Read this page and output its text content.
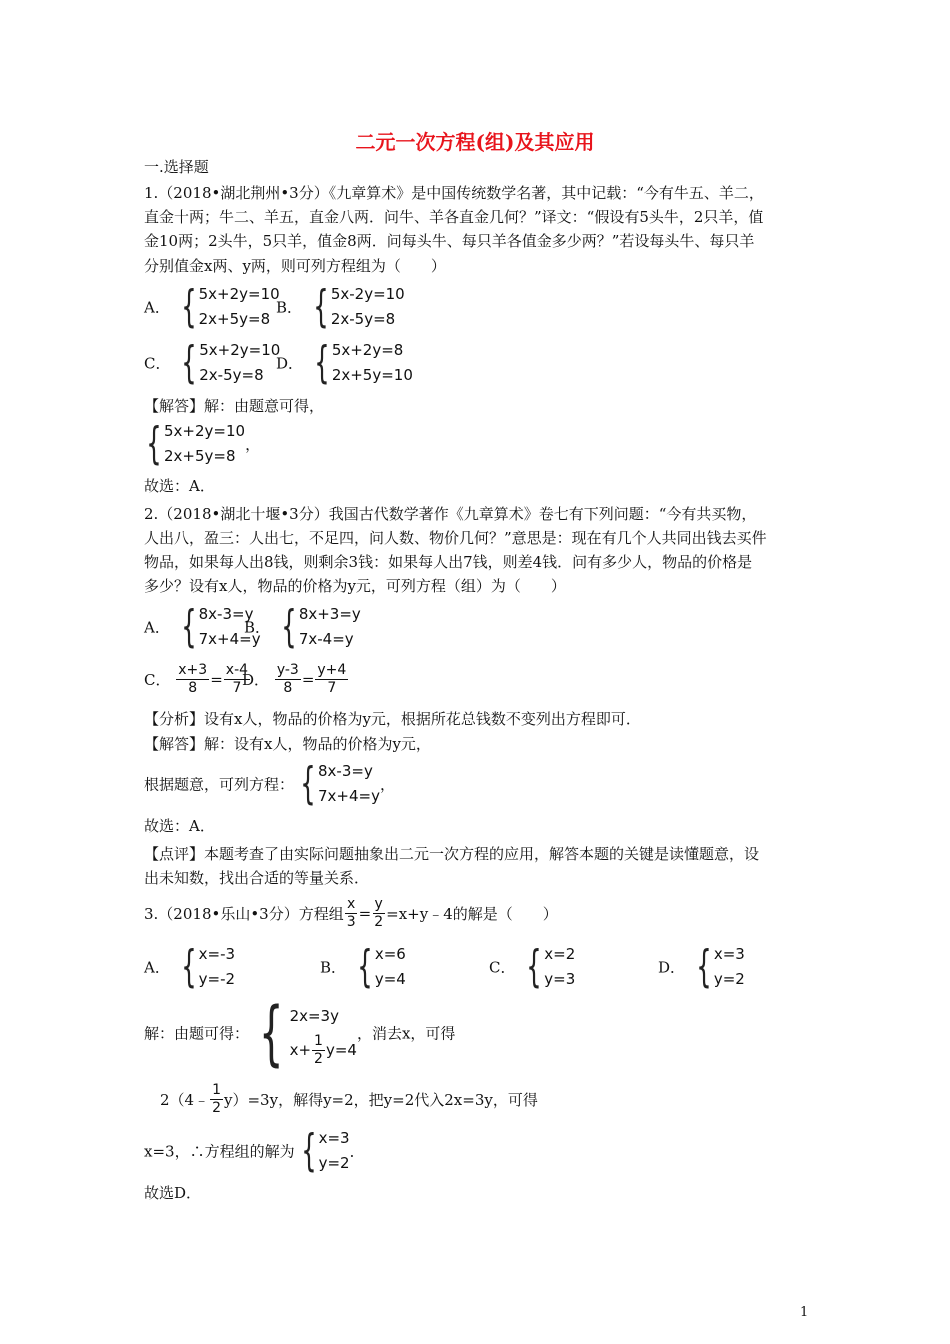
二元一次方程(组)及其应用
一.选择题
1.（2018•湖北荆州•3分）《九章算术》是中国传统数学名著，其中记载：“今有牛五、羊二，
直金十两；牛二、羊五，直金八两．问牛、羊各直金几何？”译文：“假设有5头牛，2只羊，值
金10两；2头牛，5只羊，值金8两．问每头牛、每只羊各值金多少两？”若设每头牛、每只羊
分别值金x两、y两，则可列方程组为（　　）
A． { 5x+2y=10
2x+5y=8
B． { 5x-2y=10
2x-5y=8
C． { 5x+2y=10
2x-5y=8
D． { 5x+2y=8
2x+5y=10
【解答】解：由题意可得，
{ 5x+2y=10
2x+5y=8
，
故选：A．
2.（2018•湖北十堰•3分）我国古代数学著作《九章算术》卷七有下列问题：“今有共买物，
人出八，盈三：人出七，不足四，问人数、物价几何？”意思是：现在有几个人共同出钱去买件
物品，如果每人出8钱，则剩余3钱：如果每人出7钱，则差4钱．问有多少人，物品的价格是
多少？设有x人，物品的价格为y元，可列方程（组）为（　　）
A． { 8x-3=y
7x+4=y
B． { 8x+3=y
7x-4=y
C． $\frac{x+3}{8} = \frac{x-4}{7}$
D． $\frac{y-3}{8} = \frac{y+4}{7}$
【分析】设有x人，物品的价格为y元，根据所花总钱数不变列出方程即可．
【解答】解：设有x人，物品的价格为y元，
根据题意，可列方程： { 8x-3=y
7x+4=y
，
故选：A．
【点评】本题考查了由实际问题抽象出二元一次方程的应用，解答本题的关键是读懂题意，设
出未知数，找出合适的等量关系．
3.（2018•乐山•3分）方程组 $\frac{x}{3} = \frac{y}{2}$ =x+y﹣4的解是（　　）
A． { x=-3
y=-2
B． { x=6
y=4
C． { x=2
y=3
D． { x=3
y=2
解：由题可得： { 2x=3y
$x+ \frac{1}{2} y=4$
，消去x，可得
2（4﹣ $\frac{1}{2} y)=3y$，解得y=2，把y=2代入2x=3y，可得
x=3，∴方程组的解为 { x=3
y=2
．
故选D．
1
